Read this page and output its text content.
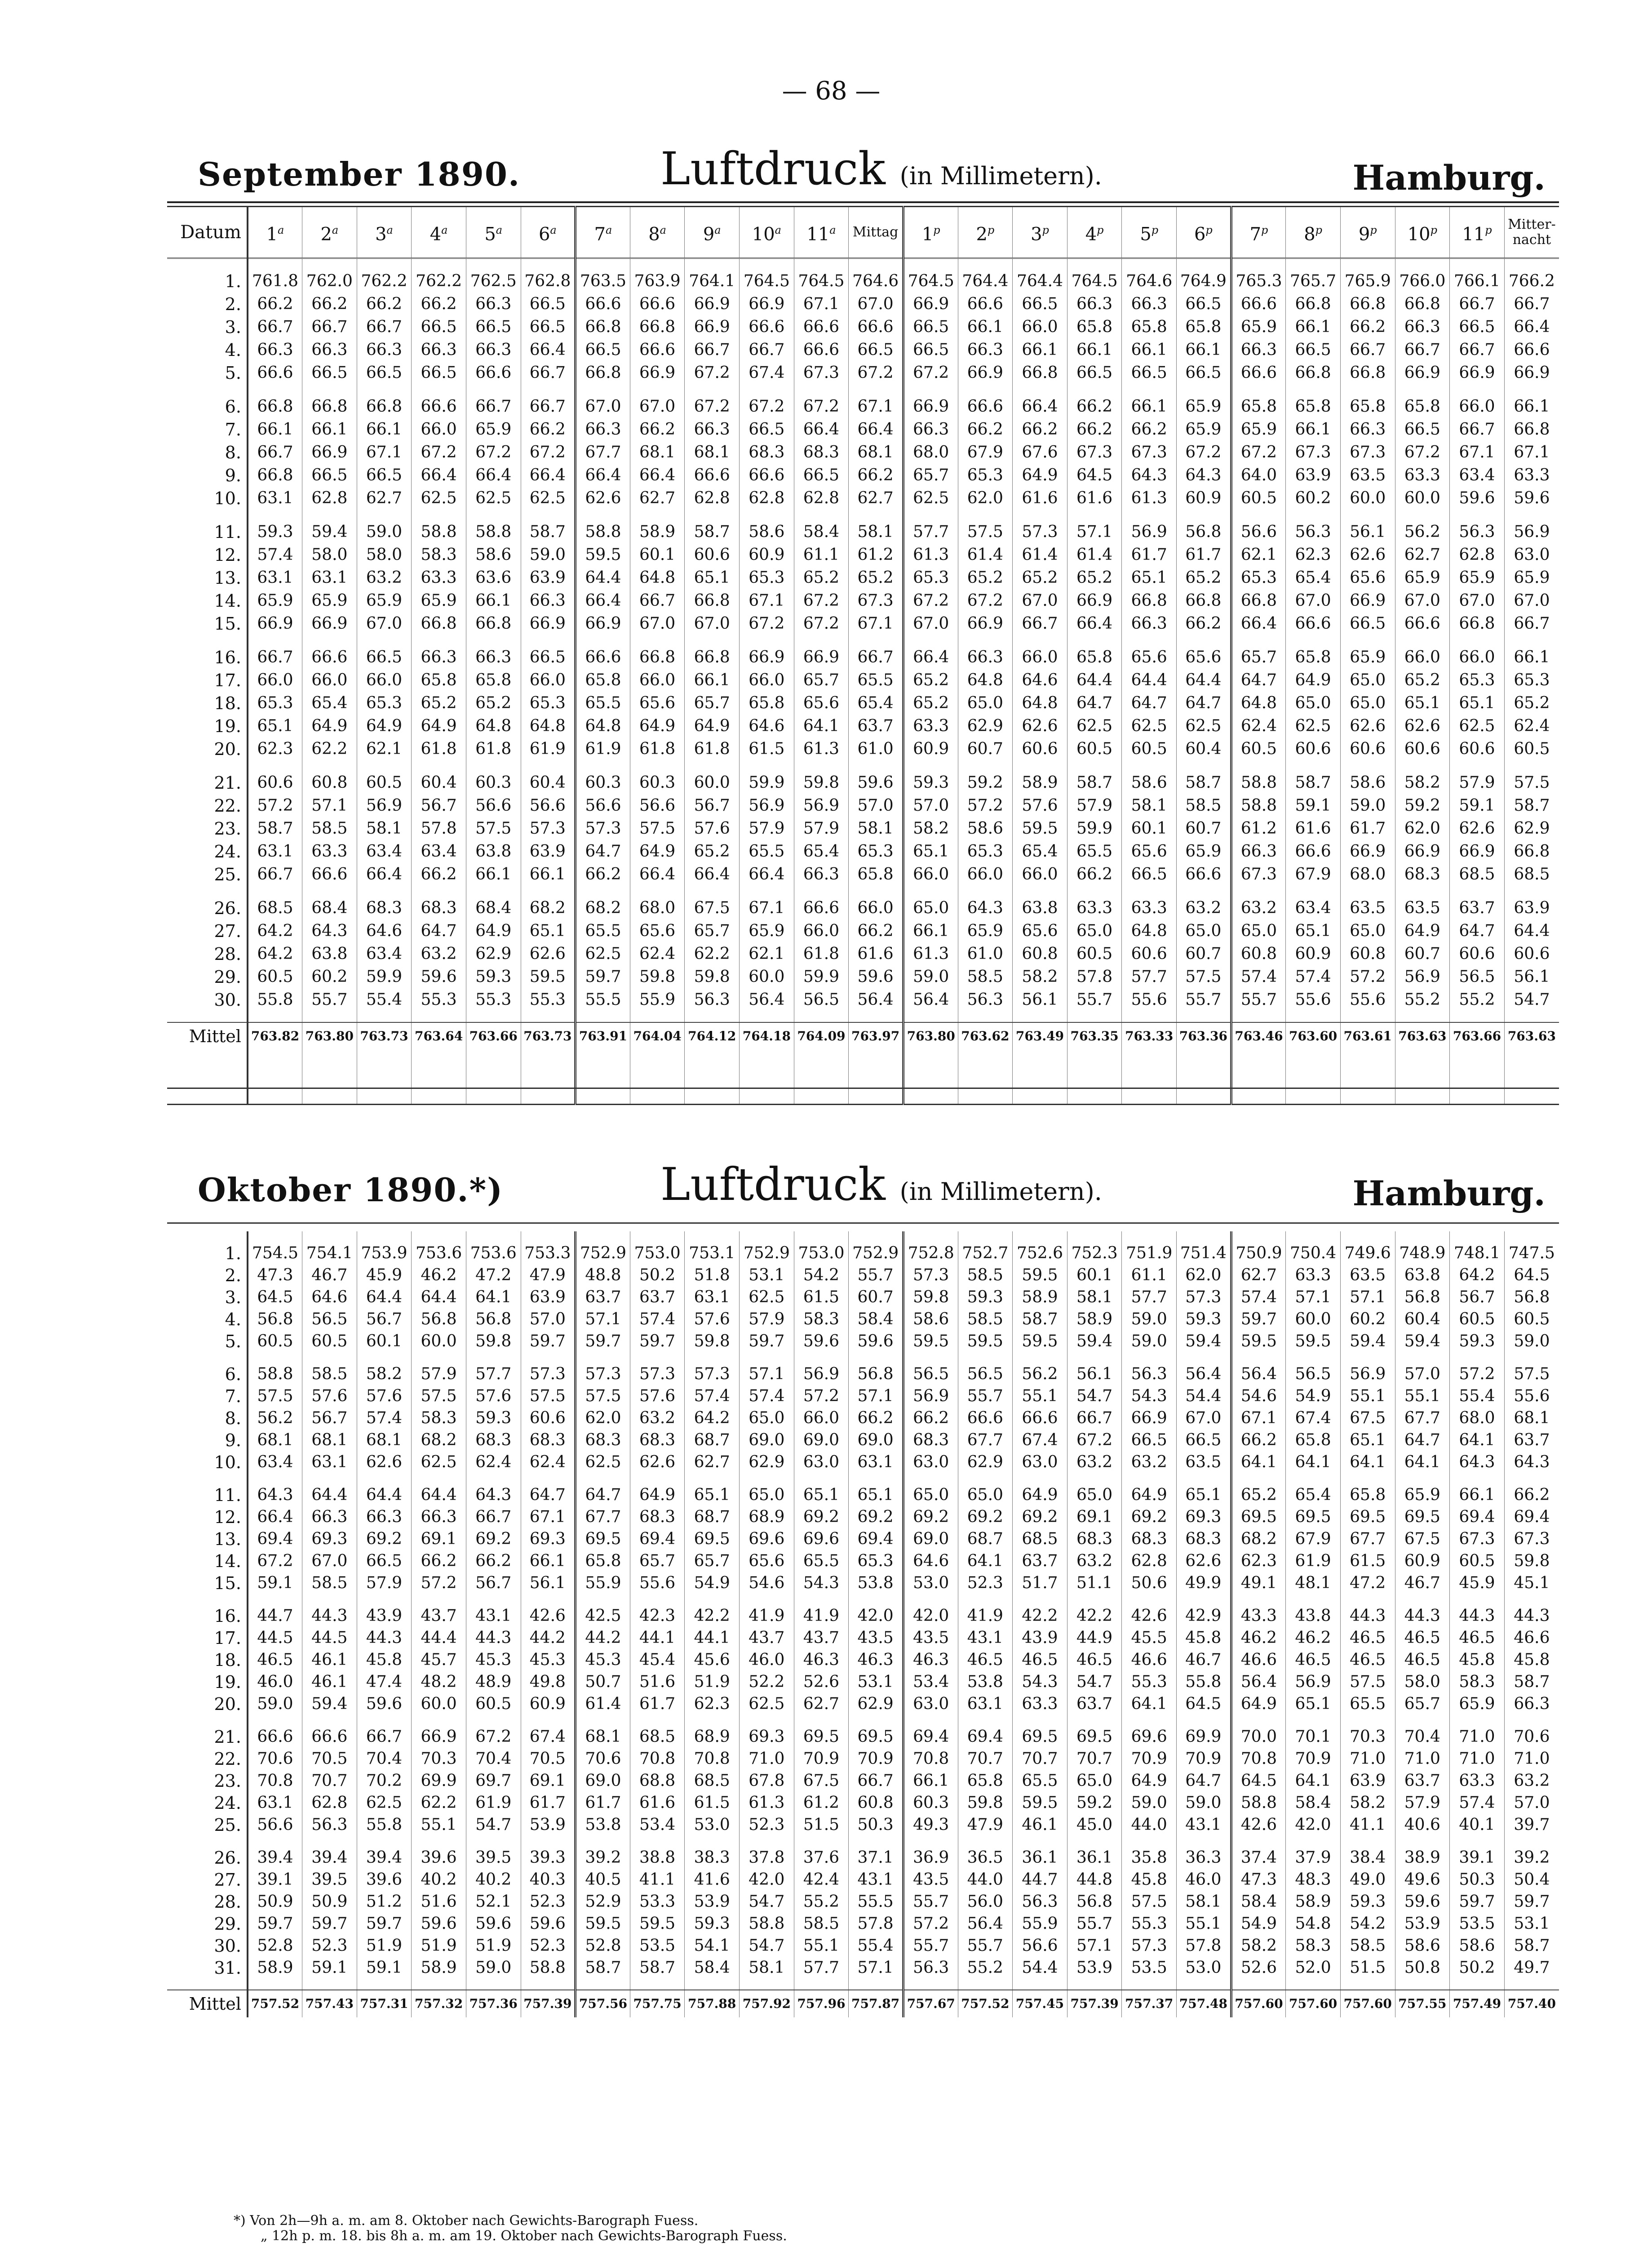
— 68 —
September 1890.	Luftdruck (in Millimetern).	Hamburg.
Datum	1$^a$	2$^a$	3$^a$	4$^a$	5$^a$	6$^a$	7$^a$	8$^a$	9$^a$	10$^a$	11$^a$	Mittag	1$^p$	2$^p$	3$^p$	4$^p$	5$^p$	6$^p$	7$^p$	8$^p$	9$^p$	10$^p$	11$^p$	Mitter-nacht

1.	761.8	762.0	762.2	762.2	762.5	762.8	763.5	763.9	764.1	764.5	764.5	764.6	764.5	764.4	764.4	764.5	764.6	764.9	765.3	765.7	765.9	766.0	766.1	766.2
2.	66.2	66.2	66.2	66.2	66.3	66.5	66.6	66.6	66.9	66.9	67.1	67.0	66.9	66.6	66.5	66.3	66.3	66.5	66.6	66.8	66.8	66.8	66.7	66.7
3.	66.7	66.7	66.7	66.5	66.5	66.5	66.8	66.8	66.9	66.6	66.6	66.6	66.5	66.1	66.0	65.8	65.8	65.8	65.9	66.1	66.2	66.3	66.5	66.4
4.	66.3	66.3	66.3	66.3	66.3	66.4	66.5	66.6	66.7	66.7	66.6	66.5	66.5	66.3	66.1	66.1	66.1	66.1	66.3	66.5	66.7	66.7	66.7	66.6
5.	66.6	66.5	66.5	66.5	66.6	66.7	66.8	66.9	67.2	67.4	67.3	67.2	67.2	66.9	66.8	66.5	66.5	66.5	66.6	66.8	66.8	66.9	66.9	66.9

6.	66.8	66.8	66.8	66.6	66.7	66.7	67.0	67.0	67.2	67.2	67.2	67.1	66.9	66.6	66.4	66.2	66.1	65.9	65.8	65.8	65.8	65.8	66.0	66.1
7.	66.1	66.1	66.1	66.0	65.9	66.2	66.3	66.2	66.3	66.5	66.4	66.4	66.3	66.2	66.2	66.2	66.2	65.9	65.9	66.1	66.3	66.5	66.7	66.8
8.	66.7	66.9	67.1	67.2	67.2	67.2	67.7	68.1	68.1	68.3	68.3	68.1	68.0	67.9	67.6	67.3	67.3	67.2	67.2	67.3	67.3	67.2	67.1	67.1
9.	66.8	66.5	66.5	66.4	66.4	66.4	66.4	66.4	66.6	66.6	66.5	66.2	65.7	65.3	64.9	64.5	64.3	64.3	64.0	63.9	63.5	63.3	63.4	63.3
10.	63.1	62.8	62.7	62.5	62.5	62.5	62.6	62.7	62.8	62.8	62.8	62.7	62.5	62.0	61.6	61.6	61.3	60.9	60.5	60.2	60.0	60.0	59.6	59.6

11.	59.3	59.4	59.0	58.8	58.8	58.7	58.8	58.9	58.7	58.6	58.4	58.1	57.7	57.5	57.3	57.1	56.9	56.8	56.6	56.3	56.1	56.2	56.3	56.9
12.	57.4	58.0	58.0	58.3	58.6	59.0	59.5	60.1	60.6	60.9	61.1	61.2	61.3	61.4	61.4	61.4	61.7	61.7	62.1	62.3	62.6	62.7	62.8	63.0
13.	63.1	63.1	63.2	63.3	63.6	63.9	64.4	64.8	65.1	65.3	65.2	65.2	65.3	65.2	65.2	65.2	65.1	65.2	65.3	65.4	65.6	65.9	65.9	65.9
14.	65.9	65.9	65.9	65.9	66.1	66.3	66.4	66.7	66.8	67.1	67.2	67.3	67.2	67.2	67.0	66.9	66.8	66.8	66.8	67.0	66.9	67.0	67.0	67.0
15.	66.9	66.9	67.0	66.8	66.8	66.9	66.9	67.0	67.0	67.2	67.2	67.1	67.0	66.9	66.7	66.4	66.3	66.2	66.4	66.6	66.5	66.6	66.8	66.7

16.	66.7	66.6	66.5	66.3	66.3	66.5	66.6	66.8	66.8	66.9	66.9	66.7	66.4	66.3	66.0	65.8	65.6	65.6	65.7	65.8	65.9	66.0	66.0	66.1
17.	66.0	66.0	66.0	65.8	65.8	66.0	65.8	66.0	66.1	66.0	65.7	65.5	65.2	64.8	64.6	64.4	64.4	64.4	64.7	64.9	65.0	65.2	65.3	65.3
18.	65.3	65.4	65.3	65.2	65.2	65.3	65.5	65.6	65.7	65.8	65.6	65.4	65.2	65.0	64.8	64.7	64.7	64.7	64.8	65.0	65.0	65.1	65.1	65.2
19.	65.1	64.9	64.9	64.9	64.8	64.8	64.8	64.9	64.9	64.6	64.1	63.7	63.3	62.9	62.6	62.5	62.5	62.5	62.4	62.5	62.6	62.6	62.5	62.4
20.	62.3	62.2	62.1	61.8	61.8	61.9	61.9	61.8	61.8	61.5	61.3	61.0	60.9	60.7	60.6	60.5	60.5	60.4	60.5	60.6	60.6	60.6	60.6	60.5

21.	60.6	60.8	60.5	60.4	60.3	60.4	60.3	60.3	60.0	59.9	59.8	59.6	59.3	59.2	58.9	58.7	58.6	58.7	58.8	58.7	58.6	58.2	57.9	57.5
22.	57.2	57.1	56.9	56.7	56.6	56.6	56.6	56.6	56.7	56.9	56.9	57.0	57.0	57.2	57.6	57.9	58.1	58.5	58.8	59.1	59.0	59.2	59.1	58.7
23.	58.7	58.5	58.1	57.8	57.5	57.3	57.3	57.5	57.6	57.9	57.9	58.1	58.2	58.6	59.5	59.9	60.1	60.7	61.2	61.6	61.7	62.0	62.6	62.9
24.	63.1	63.3	63.4	63.4	63.8	63.9	64.7	64.9	65.2	65.5	65.4	65.3	65.1	65.3	65.4	65.5	65.6	65.9	66.3	66.6	66.9	66.9	66.9	66.8
25.	66.7	66.6	66.4	66.2	66.1	66.1	66.2	66.4	66.4	66.4	66.3	65.8	66.0	66.0	66.0	66.2	66.5	66.6	67.3	67.9	68.0	68.3	68.5	68.5

26.	68.5	68.4	68.3	68.3	68.4	68.2	68.2	68.0	67.5	67.1	66.6	66.0	65.0	64.3	63.8	63.3	63.3	63.2	63.2	63.4	63.5	63.5	63.7	63.9
27.	64.2	64.3	64.6	64.7	64.9	65.1	65.5	65.6	65.7	65.9	66.0	66.2	66.1	65.9	65.6	65.0	64.8	65.0	65.0	65.1	65.0	64.9	64.7	64.4
28.	64.2	63.8	63.4	63.2	62.9	62.6	62.5	62.4	62.2	62.1	61.8	61.6	61.3	61.0	60.8	60.5	60.6	60.7	60.8	60.9	60.8	60.7	60.6	60.6
29.	60.5	60.2	59.9	59.6	59.3	59.5	59.7	59.8	59.8	60.0	59.9	59.6	59.0	58.5	58.2	57.8	57.7	57.5	57.4	57.4	57.2	56.9	56.5	56.1
30.	55.8	55.7	55.4	55.3	55.3	55.3	55.5	55.9	56.3	56.4	56.5	56.4	56.4	56.3	56.1	55.7	55.6	55.7	55.7	55.6	55.6	55.2	55.2	54.7

Mittel	763.82	763.80	763.73	763.64	763.66	763.73	763.91	764.04	764.12	764.18	764.09	763.97	763.80	763.62	763.49	763.35	763.33	763.36	763.46	763.60	763.61	763.63	763.66	763.63

Oktober 1890.*)	Luftdruck (in Millimetern).	Hamburg.

1.	754.5	754.1	753.9	753.6	753.6	753.3	752.9	753.0	753.1	752.9	753.0	752.9	752.8	752.7	752.6	752.3	751.9	751.4	750.9	750.4	749.6	748.9	748.1	747.5
2.	47.3	46.7	45.9	46.2	47.2	47.9	48.8	50.2	51.8	53.1	54.2	55.7	57.3	58.5	59.5	60.1	61.1	62.0	62.7	63.3	63.5	63.8	64.2	64.5
3.	64.5	64.6	64.4	64.4	64.1	63.9	63.7	63.7	63.1	62.5	61.5	60.7	59.8	59.3	58.9	58.1	57.7	57.3	57.4	57.1	57.1	56.8	56.7	56.8
4.	56.8	56.5	56.7	56.8	56.8	57.0	57.1	57.4	57.6	57.9	58.3	58.4	58.6	58.5	58.7	58.9	59.0	59.3	59.7	60.0	60.2	60.4	60.5	60.5
5.	60.5	60.5	60.1	60.0	59.8	59.7	59.7	59.7	59.8	59.7	59.6	59.6	59.5	59.5	59.5	59.4	59.0	59.4	59.5	59.5	59.4	59.4	59.3	59.0

6.	58.8	58.5	58.2	57.9	57.7	57.3	57.3	57.3	57.3	57.1	56.9	56.8	56.5	56.5	56.2	56.1	56.3	56.4	56.4	56.5	56.9	57.0	57.2	57.5
7.	57.5	57.6	57.6	57.5	57.6	57.5	57.5	57.6	57.4	57.4	57.2	57.1	56.9	55.7	55.1	54.7	54.3	54.4	54.6	54.9	55.1	55.1	55.4	55.6
8.	56.2	56.7	57.4	58.3	59.3	60.6	62.0	63.2	64.2	65.0	66.0	66.2	66.2	66.6	66.6	66.7	66.9	67.0	67.1	67.4	67.5	67.7	68.0	68.1
9.	68.1	68.1	68.1	68.2	68.3	68.3	68.3	68.3	68.7	69.0	69.0	69.0	68.3	67.7	67.4	67.2	66.5	66.5	66.2	65.8	65.1	64.7	64.1	63.7
10.	63.4	63.1	62.6	62.5	62.4	62.4	62.5	62.6	62.7	62.9	63.0	63.1	63.0	62.9	63.0	63.2	63.2	63.5	64.1	64.1	64.1	64.1	64.3	64.3

11.	64.3	64.4	64.4	64.4	64.3	64.7	64.7	64.9	65.1	65.0	65.1	65.1	65.0	65.0	64.9	65.0	64.9	65.1	65.2	65.4	65.8	65.9	66.1	66.2
12.	66.4	66.3	66.3	66.3	66.7	67.1	67.7	68.3	68.7	68.9	69.2	69.2	69.2	69.2	69.2	69.1	69.2	69.3	69.5	69.5	69.5	69.5	69.4	69.4
13.	69.4	69.3	69.2	69.1	69.2	69.3	69.5	69.4	69.5	69.6	69.6	69.4	69.0	68.7	68.5	68.3	68.3	68.3	68.2	67.9	67.7	67.5	67.3	67.3
14.	67.2	67.0	66.5	66.2	66.2	66.1	65.8	65.7	65.7	65.6	65.5	65.3	64.6	64.1	63.7	63.2	62.8	62.6	62.3	61.9	61.5	60.9	60.5	59.8
15.	59.1	58.5	57.9	57.2	56.7	56.1	55.9	55.6	54.9	54.6	54.3	53.8	53.0	52.3	51.7	51.1	50.6	49.9	49.1	48.1	47.2	46.7	45.9	45.1

16.	44.7	44.3	43.9	43.7	43.1	42.6	42.5	42.3	42.2	41.9	41.9	42.0	42.0	41.9	42.2	42.2	42.6	42.9	43.3	43.8	44.3	44.3	44.3	44.3
17.	44.5	44.5	44.3	44.4	44.3	44.2	44.2	44.1	44.1	43.7	43.7	43.5	43.5	43.1	43.9	44.9	45.5	45.8	46.2	46.2	46.5	46.5	46.5	46.6
18.	46.5	46.1	45.8	45.7	45.3	45.3	45.3	45.4	45.6	46.0	46.3	46.3	46.3	46.5	46.5	46.5	46.6	46.7	46.6	46.5	46.5	46.5	45.8	45.8
19.	46.0	46.1	47.4	48.2	48.9	49.8	50.7	51.6	51.9	52.2	52.6	53.1	53.4	53.8	54.3	54.7	55.3	55.8	56.4	56.9	57.5	58.0	58.3	58.7
20.	59.0	59.4	59.6	60.0	60.5	60.9	61.4	61.7	62.3	62.5	62.7	62.9	63.0	63.1	63.3	63.7	64.1	64.5	64.9	65.1	65.5	65.7	65.9	66.3

21.	66.6	66.6	66.7	66.9	67.2	67.4	68.1	68.5	68.9	69.3	69.5	69.5	69.4	69.4	69.5	69.5	69.6	69.9	70.0	70.1	70.3	70.4	71.0	70.6
22.	70.6	70.5	70.4	70.3	70.4	70.5	70.6	70.8	70.8	71.0	70.9	70.9	70.8	70.7	70.7	70.7	70.9	70.9	70.8	70.9	71.0	71.0	71.0	71.0
23.	70.8	70.7	70.2	69.9	69.7	69.1	69.0	68.8	68.5	67.8	67.5	66.7	66.1	65.8	65.5	65.0	64.9	64.7	64.5	64.1	63.9	63.7	63.3	63.2
24.	63.1	62.8	62.5	62.2	61.9	61.7	61.7	61.6	61.5	61.3	61.2	60.8	60.3	59.8	59.5	59.2	59.0	59.0	58.8	58.4	58.2	57.9	57.4	57.0
25.	56.6	56.3	55.8	55.1	54.7	53.9	53.8	53.4	53.0	52.3	51.5	50.3	49.3	47.9	46.1	45.0	44.0	43.1	42.6	42.0	41.1	40.6	40.1	39.7

26.	39.4	39.4	39.4	39.6	39.5	39.3	39.2	38.8	38.3	37.8	37.6	37.1	36.9	36.5	36.1	36.1	35.8	36.3	37.4	37.9	38.4	38.9	39.1	39.2
27.	39.1	39.5	39.6	40.2	40.2	40.3	40.5	41.1	41.6	42.0	42.4	43.1	43.5	44.0	44.7	44.8	45.8	46.0	47.3	48.3	49.0	49.6	50.3	50.4
28.	50.9	50.9	51.2	51.6	52.1	52.3	52.9	53.3	53.9	54.7	55.2	55.5	55.7	56.0	56.3	56.8	57.5	58.1	58.4	58.9	59.3	59.6	59.7	59.7
29.	59.7	59.7	59.7	59.6	59.6	59.6	59.5	59.5	59.3	58.8	58.5	57.8	57.2	56.4	55.9	55.7	55.3	55.1	54.9	54.8	54.2	53.9	53.5	53.1
30.	52.8	52.3	51.9	51.9	51.9	52.3	52.8	53.5	54.1	54.7	55.1	55.4	55.7	55.7	56.6	57.1	57.3	57.8	58.2	58.3	58.5	58.6	58.6	58.7
31.	58.9	59.1	59.1	58.9	59.0	58.8	58.7	58.7	58.4	58.1	57.7	57.1	56.3	55.2	54.4	53.9	53.5	53.0	52.6	52.0	51.5	50.8	50.2	49.7

Mittel	757.52	757.43	757.31	757.32	757.36	757.39	757.56	757.75	757.88	757.92	757.96	757.87	757.67	757.52	757.45	757.39	757.37	757.48	757.60	757.60	757.60	757.55	757.49	757.40
*) Von 2h—9h a. m. am 8. Oktober nach Gewichts-Barograph Fuess.
„ 12h p. m. 18. bis 8h a. m. am 19. Oktober nach Gewichts-Barograph Fuess.
